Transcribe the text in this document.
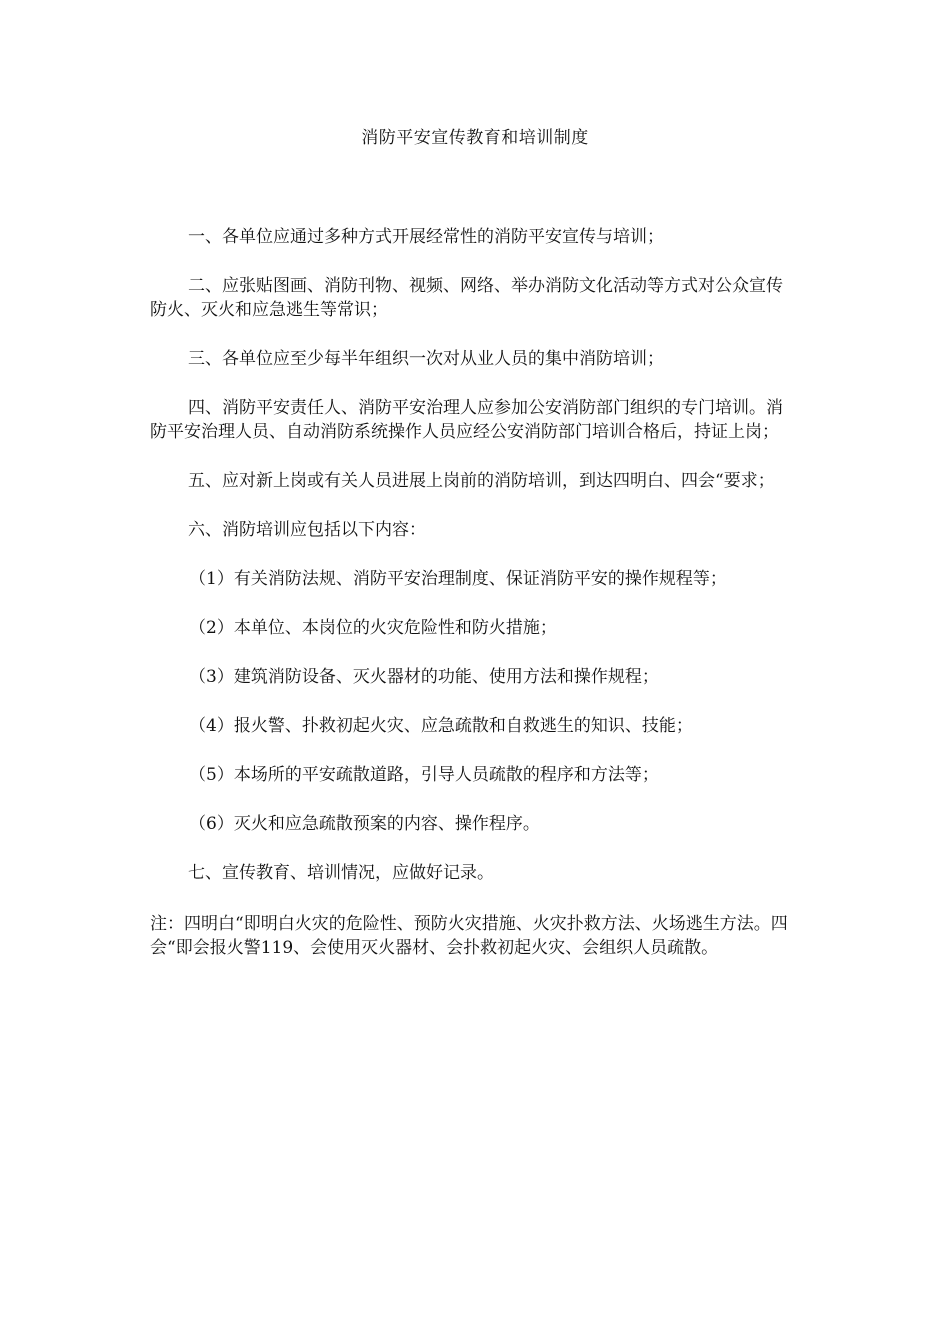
消防平安宣传教育和培训制度

一、各单位应通过多种方式开展经常性的消防平安宣传与培训；

二、应张贴图画、消防刊物、视频、网络、举办消防文化活动等方式对公众宣传防火、灭火和应急逃生等常识；

三、各单位应至少每半年组织一次对从业人员的集中消防培训；

四、消防平安责任人、消防平安治理人应参加公安消防部门组织的专门培训。消防平安治理人员、自动消防系统操作人员应经公安消防部门培训合格后，持证上岗；

五、应对新上岗或有关人员进展上岗前的消防培训，到达四明白、四会“要求；

六、消防培训应包括以下内容：

（1）有关消防法规、消防平安治理制度、保证消防平安的操作规程等；

（2）本单位、本岗位的火灾危险性和防火措施；

（3）建筑消防设备、灭火器材的功能、使用方法和操作规程；

（4）报火警、扑救初起火灾、应急疏散和自救逃生的知识、技能；

（5）本场所的平安疏散道路，引导人员疏散的程序和方法等；

（6）灭火和应急疏散预案的内容、操作程序。

七、宣传教育、培训情况，应做好记录。

注：四明白“即明白火灾的危险性、预防火灾措施、火灾扑救方法、火场逃生方法。四会“即会报火警119、会使用灭火器材、会扑救初起火灾、会组织人员疏散。
